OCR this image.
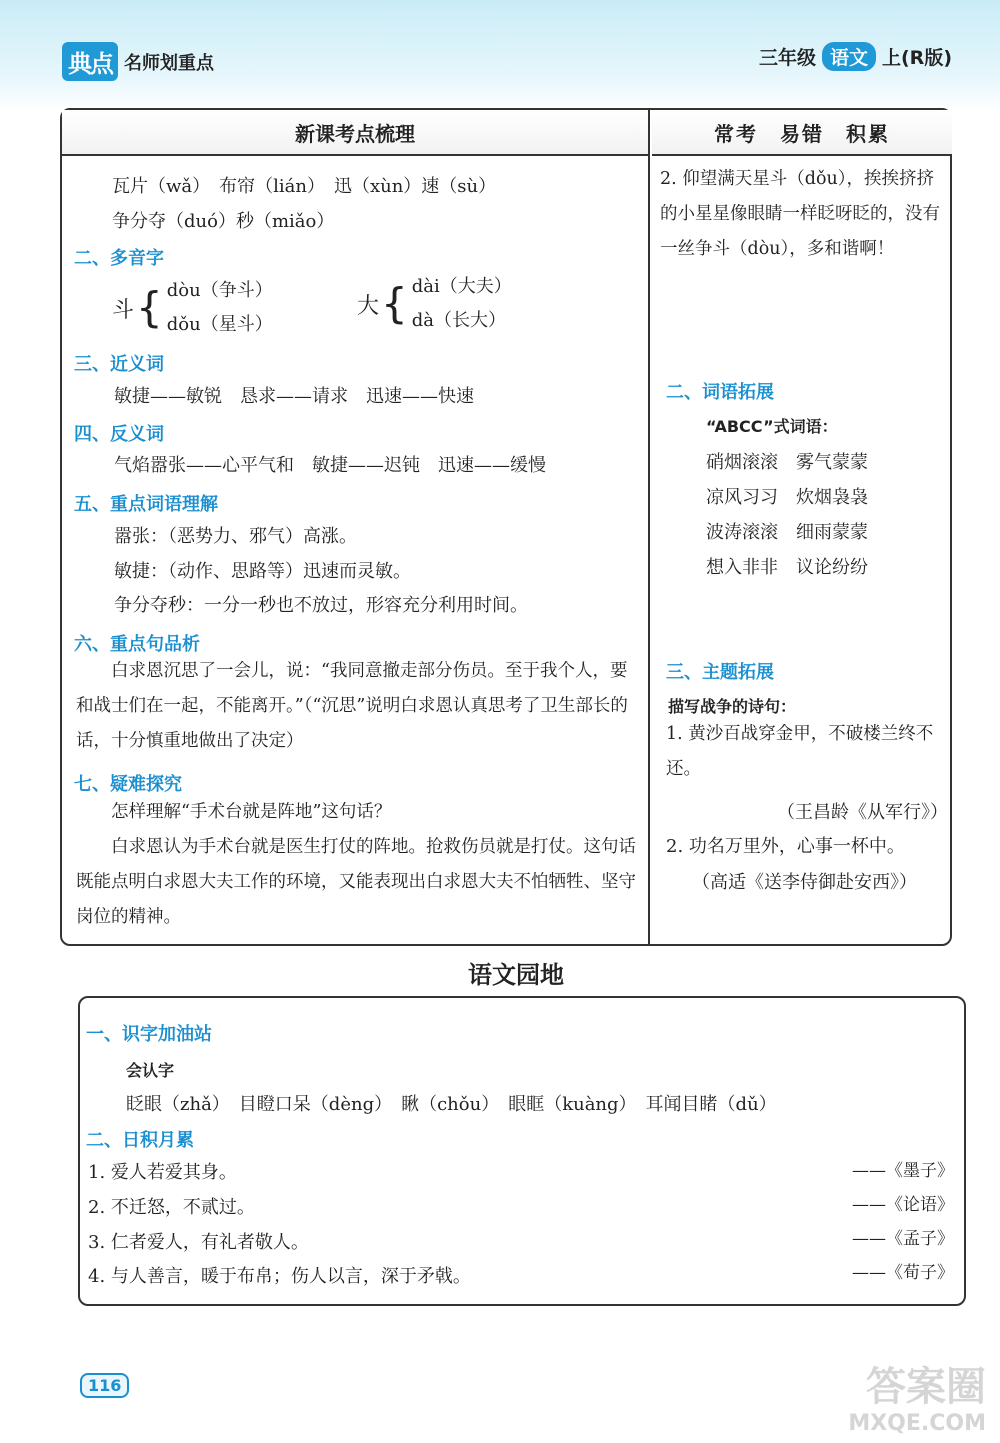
典点 名师划重点	三年级 语文 上(R版)
新课考点梳理
瓦片（wǎ）　布帘（lián）　迅（xùn）速（sù）
争分夺（duó）秒（miǎo）
二、多音字
斗 { dòu（争斗）
dǒu（星斗）
大 { dài（大夫）
dà（长大）
三、近义词
敏捷——敏锐　恳求——请求　迅速——快速
四、反义词
气焰嚣张——心平气和　敏捷——迟钝　迅速——缓慢
五、重点词语理解
嚣张：（恶势力、邪气）高涨。
敏捷：（动作、思路等）迅速而灵敏。
争分夺秒：一分一秒也不放过，形容充分利用时间。
六、重点句品析
白求恩沉思了一会儿，说：“我同意撤走部分伤员。至于我个人，要和战士们在一起，不能离开。”（“沉思”说明白求恩认真思考了卫生部长的话，十分慎重地做出了决定）
七、疑难探究
怎样理解“手术台就是阵地”这句话？
白求恩认为手术台就是医生打仗的阵地。抢救伤员就是打仗。这句话既能点明白求恩大夫工作的环境，又能表现出白求恩大夫不怕牺牲、坚守岗位的精神。
常考　易错　积累
2. 仰望满天星斗（dǒu），挨挨挤挤的小星星像眼睛一样眨呀眨的，没有一丝争斗（dòu），多和谐啊！
二、词语拓展
“ABCC”式词语：
硝烟滚滚　雾气蒙蒙
凉风习习　炊烟袅袅
波涛滚滚　细雨蒙蒙
想入非非　议论纷纷
三、主题拓展
描写战争的诗句：
1. 黄沙百战穿金甲，不破楼兰终不还。
（王昌龄《从军行》）
2. 功名万里外，心事一杯中。
（高适《送李侍御赴安西》）
语文园地
一、识字加油站
会认字
眨眼（zhǎ）　目瞪口呆（dèng）　瞅（chǒu）　眼眶（kuàng）　耳闻目睹（dǔ）
二、日积月累
1. 爱人若爱其身。	——《墨子》
2. 不迁怒，不贰过。	——《论语》
3. 仁者爱人，有礼者敬人。	——《孟子》
4. 与人善言，暖于布帛；伤人以言，深于矛戟。	——《荀子》
116	答案圈
MXQE.COM
